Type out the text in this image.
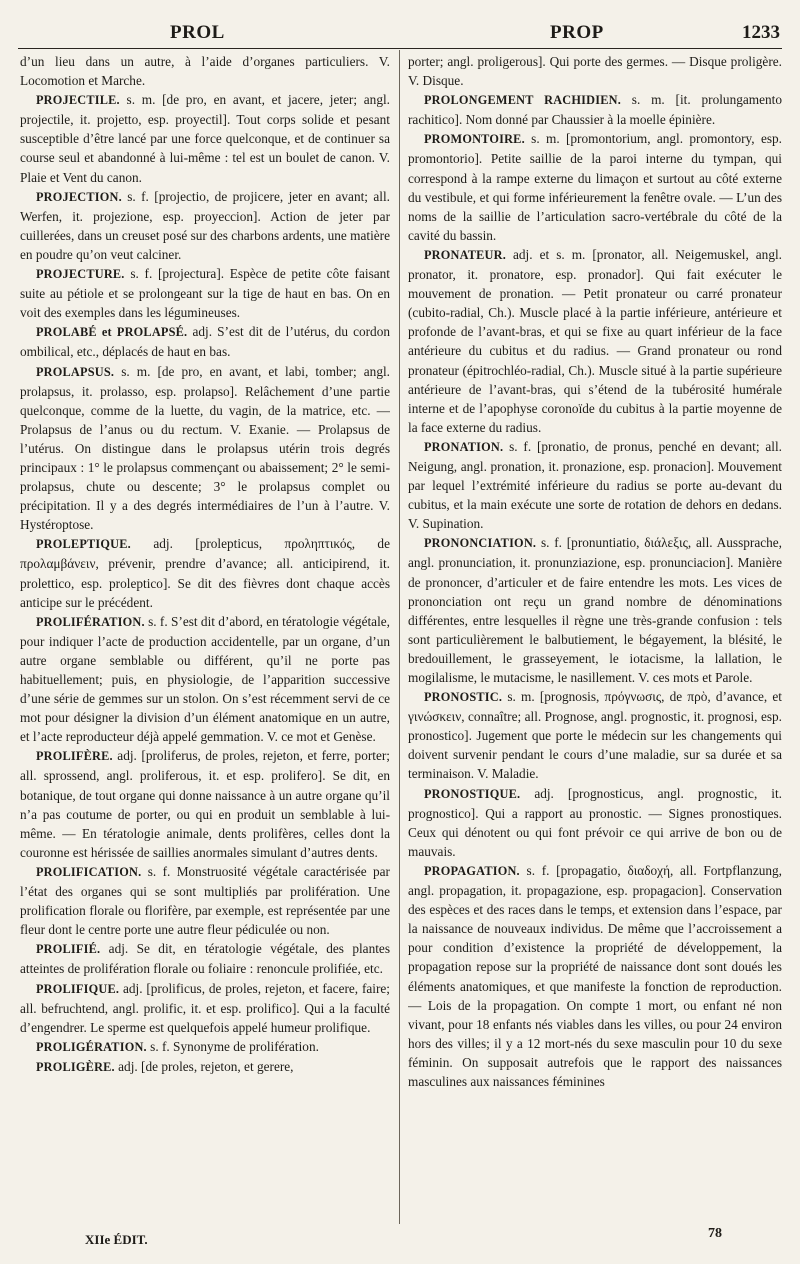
PROL	PROP	1233

d’un lieu dans un autre, à l’aide d’organes particuliers. V. Locomotion et Marche.

PROJECTILE. s. m. [de pro, en avant, et jacere, jeter; angl. projectile, it. projetto, esp. proyectil]. Tout corps solide et pesant susceptible d’être lancé par une force quelconque, et de continuer sa course seul et abandonné à lui-même : tel est un boulet de canon. V. Plaie et Vent du canon.

PROJECTION. s. f. [projectio, de projicere, jeter en avant; all. Werfen, it. projezione, esp. proyeccion]. Action de jeter par cuillerées, dans un creuset posé sur des charbons ardents, une matière en poudre qu’on veut calciner.

PROJECTURE. s. f. [projectura]. Espèce de petite côte faisant suite au pétiole et se prolongeant sur la tige de haut en bas. On en voit des exemples dans les légumineuses.

PROLABÉ et PROLAPSÉ. adj. S’est dit de l’utérus, du cordon ombilical, etc., déplacés de haut en bas.

PROLAPSUS. s. m. [de pro, en avant, et labi, tomber; angl. prolapsus, it. prolasso, esp. prolapso]. Relâchement d’une partie quelconque, comme de la luette, du vagin, de la matrice, etc. — Prolapsus de l’anus ou du rectum. V. Exanie. — Prolapsus de l’utérus. On distingue dans le prolapsus utérin trois degrés principaux : 1° le prolapsus commençant ou abaissement; 2° le semi-prolapsus, chute ou descente; 3° le prolapsus complet ou précipitation. Il y a des degrés intermédiaires de l’un à l’autre. V. Hystéroptose.

PROLEPTIQUE. adj. [prolepticus, προληπτικός, de προλαμβάνειν, prévenir, prendre d’avance; all. anticipirend, it. prolettico, esp. proleptico]. Se dit des fièvres dont chaque accès anticipe sur le précédent.

PROLIFÉRATION. s. f. S’est dit d’abord, en tératologie végétale, pour indiquer l’acte de production accidentelle, par un organe, d’un autre organe semblable ou différent, qu’il ne porte pas habituellement; puis, en physiologie, de l’apparition successive d’une série de gemmes sur un stolon. On s’est récemment servi de ce mot pour désigner la division d’un élément anatomique en un autre, et l’acte reproducteur déjà appelé gemmation. V. ce mot et Genèse.

PROLIFÈRE. adj. [proliferus, de proles, rejeton, et ferre, porter; all. sprossend, angl. proliferous, it. et esp. prolifero]. Se dit, en botanique, de tout organe qui donne naissance à un autre organe qu’il n’a pas coutume de porter, ou qui en produit un semblable à lui-même. — En tératologie animale, dents prolifères, celles dont la couronne est hérissée de saillies anormales simulant d’autres dents.

PROLIFICATION. s. f. Monstruosité végétale caractérisée par l’état des organes qui se sont multipliés par prolifération. Une prolification florale ou florifère, par exemple, est représentée par une fleur dont le centre porte une autre fleur pédiculée ou non.

PROLIFIÉ. adj. Se dit, en tératologie végétale, des plantes atteintes de prolifération florale ou foliaire : renoncule prolifiée, etc.

PROLIFIQUE. adj. [prolificus, de proles, rejeton, et facere, faire; all. befruchtend, angl. prolific, it. et esp. prolifico]. Qui a la faculté d’engendrer. Le sperme est quelquefois appelé humeur prolifique.

PROLIGÉRATION. s. f. Synonyme de prolifération.

PROLIGÈRE. adj. [de proles, rejeton, et gerere,

porter; angl. proligerous]. Qui porte des germes. — Disque proligère. V. Disque.

PROLONGEMENT RACHIDIEN. s. m. [it. prolungamento rachitico]. Nom donné par Chaussier à la moelle épinière.

PROMONTOIRE. s. m. [promontorium, angl. promontory, esp. promontorio]. Petite saillie de la paroi interne du tympan, qui correspond à la rampe externe du limaçon et surtout au côté externe du vestibule, et qui forme inférieurement la fenêtre ovale. — L’un des noms de la saillie de l’articulation sacro-vertébrale du côté de la cavité du bassin.

PRONATEUR. adj. et s. m. [pronator, all. Neigemuskel, angl. pronator, it. pronatore, esp. pronador]. Qui fait exécuter le mouvement de pronation. — Petit pronateur ou carré pronateur (cubito-radial, Ch.). Muscle placé à la partie inférieure, antérieure et profonde de l’avant-bras, et qui se fixe au quart inférieur de la face antérieure du cubitus et du radius. — Grand pronateur ou rond pronateur (épitrochléo-radial, Ch.). Muscle situé à la partie supérieure antérieure de l’avant-bras, qui s’étend de la tubérosité humérale interne et de l’apophyse coronoïde du cubitus à la partie moyenne de la face externe du radius.

PRONATION. s. f. [pronatio, de pronus, penché en devant; all. Neigung, angl. pronation, it. pronazione, esp. pronacion]. Mouvement par lequel l’extrémité inférieure du radius se porte au-devant du cubitus, et la main exécute une sorte de rotation de dehors en dedans. V. Supination.

PRONONCIATION. s. f. [pronuntiatio, διάλεξις, all. Aussprache, angl. pronunciation, it. pronunziazione, esp. pronunciacion]. Manière de prononcer, d’articuler et de faire entendre les mots. Les vices de prononciation ont reçu un grand nombre de dénominations différentes, entre lesquelles il règne une très-grande confusion : tels sont particulièrement le balbutiement, le bégayement, la blésité, le bredouillement, le grasseyement, le iotacisme, la lallation, le mogilalisme, le mutacisme, le nasillement. V. ces mots et Parole.

PRONOSTIC. s. m. [prognosis, πρόγνωσις, de πρὸ, d’avance, et γινώσκειν, connaître; all. Prognose, angl. prognostic, it. prognosi, esp. pronostico]. Jugement que porte le médecin sur les changements qui doivent survenir pendant le cours d’une maladie, sur sa durée et sa terminaison. V. Maladie.

PRONOSTIQUE. adj. [prognosticus, angl. prognostic, it. prognostico]. Qui a rapport au pronostic. — Signes pronostiques. Ceux qui dénotent ou qui font prévoir ce qui arrive de bon ou de mauvais.

PROPAGATION. s. f. [propagatio, διαδοχή, all. Fortpflanzung, angl. propagation, it. propagazione, esp. propagacion]. Conservation des espèces et des races dans le temps, et extension dans l’espace, par la naissance de nouveaux individus. De même que l’accroissement a pour condition d’existence la propriété de développement, la propagation repose sur la propriété de naissance dont sont doués les éléments anatomiques, et que manifeste la fonction de reproduction. — Lois de la propagation. On compte 1 mort, ou enfant né non vivant, pour 18 enfants nés viables dans les villes, ou pour 24 environ hors des villes; il y a 12 mort-nés du sexe masculin pour 10 du sexe féminin. On supposait autrefois que le rapport des naissances masculines aux naissances féminines

XIIe ÉDIT.	78
